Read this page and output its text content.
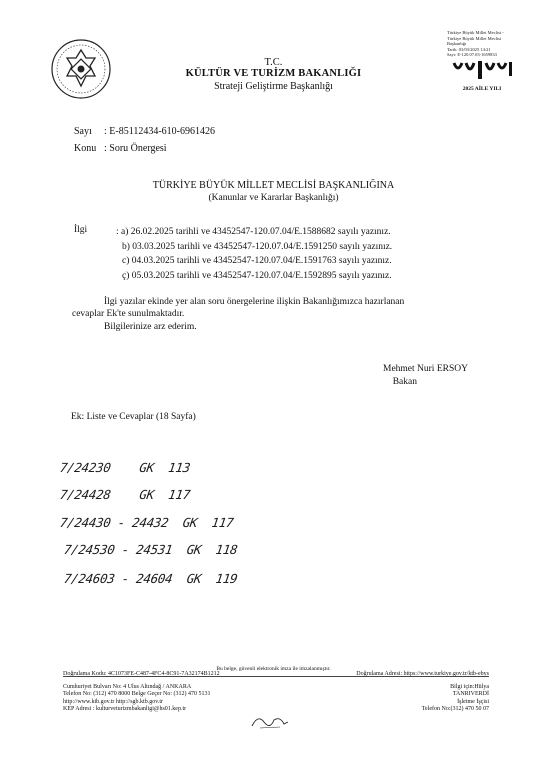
T.C.
KÜLTÜR VE TURİZM BAKANLIĞI
Strateji Geliştirme Başkanlığı
Türkiye Büyük Millet Meclisi -
Türkiye Büyük Millet Meclisi
Başkanlığı
Tarih: 03/03/2025 14:21
Sayı: E-120.07.03-1659833
2025 AİLE YILI
Sayı : E-85112434-610-6961426
Konu : Soru Önergesi
TÜRKİYE BÜYÜK MİLLET MECLİSİ BAŞKANLIĞINA
(Kanunlar ve Kararlar Başkanlığı)
İlgi	: a) 26.02.2025 tarihli ve 43452547-120.07.04/E.1588682 sayılı yazınız.
b) 03.03.2025 tarihli ve 43452547-120.07.04/E.1591250 sayılı yazınız.
c) 04.03.2025 tarihli ve 43452547-120.07.04/E.1591763 sayılı yazınız.
ç) 05.03.2025 tarihli ve 43452547-120.07.04/E.1592895 sayılı yazınız.
İlgi yazılar ekinde yer alan soru önergelerine ilişkin Bakanlığımızca hazırlanan
cevaplar Ek'te sunulmaktadır.
Bilgilerinize arz ederim.
Mehmet Nuri ERSOY
Bakan
Ek: Liste ve Cevaplar (18 Sayfa)
7/24230    GK  113
7/24428    GK  117
7/24430 - 24432  GK  117
7/24530 - 24531  GK  118
7/24603 - 24604  GK  119
Bu belge, güvenli elektronik imza ile imzalanmıştır.
Doğrulama Kodu: 4C1073FE-C487-4FC4-8C91-7A32174B1212	Doğrulama Adresi: https://www.turkiye.gov.tr/ktb-ebys
Cumhuriyet Bulvarı No: 4 Ulus Altındağ / ANKARA
Telefon No: (312) 470 8000 Belge Geçer No: (312) 470 5131
http://www.ktb.gov.tr http://sgb.ktb.gov.tr
KEP Adresi : kulturveturizmbakanligi@hs01.kep.tr
Bilgi için:Hülya
TANRIVERDİ
İşletme İşçisi
Telefon No:(312) 470 50 07
